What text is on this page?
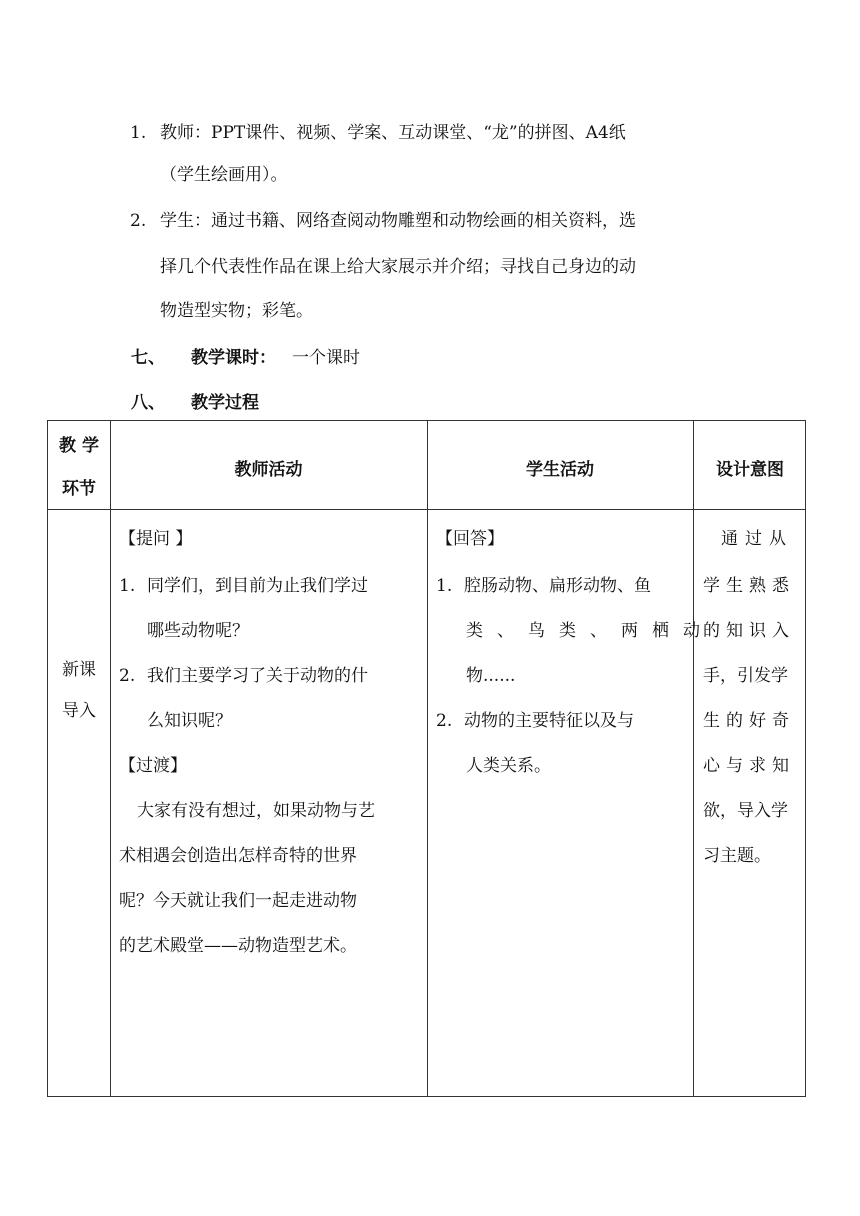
1. 教师：PPT课件、视频、学案、互动课堂、“龙”的拼图、A4纸
（学生绘画用）。
2. 学生：通过书籍、网络查阅动物雕塑和动物绘画的相关资料，选
择几个代表性作品在课上给大家展示并介绍；寻找自己身边的动
物造型实物；彩笔。
七、 教学课时： 一个课时
八、 教学过程
教 学
环节
教师活动	学生活动	设计意图
新课
导入
【提问 】
1. 同学们，到目前为止我们学过
哪些动物呢？
2. 我们主要学习了关于动物的什
么知识呢？
【过渡】
大家有没有想过，如果动物与艺
术相遇会创造出怎样奇特的世界
呢？今天就让我们一起走进动物
的艺术殿堂——动物造型艺术。
【回答】
1. 腔肠动物、扁形动物、鱼
类、鸟类、两栖动
物......
2. 动物的主要特征以及与
人类关系。
通过从
学生熟悉
的知识入
手，引发学
生的好奇
心与求知
欲，导入学
习主题。
